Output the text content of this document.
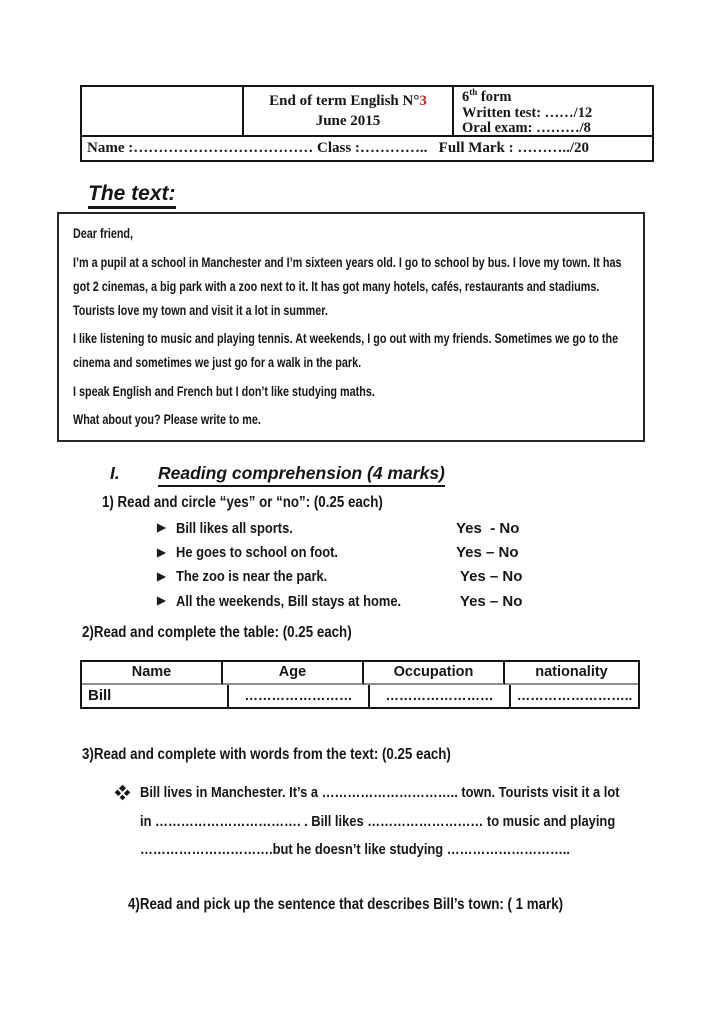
End of term English N°3
June 2015
6th form
Written test: ……/12
Oral exam: ………/8
Name :……………………………… Class :…………..   Full Mark : ………../20
The text:

Dear friend,

I’m a pupil at a school in Manchester and I’m sixteen years old. I go to school by bus. I love my town. It has got 2 cinemas, a big park with a zoo next to it. It has got many hotels, cafés, restaurants and stadiums. Tourists love my town and visit it a lot in summer.

I like listening to music and playing tennis. At weekends, I go out with my friends. Sometimes we go to the cinema and sometimes we just go for a walk in the park.

I speak English and French but I don’t like studying maths.

What about you? Please write to me.

I.	Reading comprehension (4 marks)
1) Read and circle “yes” or “no”: (0.25 each)
Bill likes all sports.	Yes  - No
He goes to school on foot.	Yes – No
The zoo is near the park.	Yes – No
All the weekends, Bill stays at home.	Yes – No
2)Read and complete the table: (0.25 each)
Name	Age	Occupation	nationality
Bill	……………………	……………………	……………………..
3)Read and complete with words from the text: (0.25 each)
Bill lives in Manchester. It’s a ………………………….. town. Tourists visit it a lot
in ……………………………. . Bill likes ……………………… to music and playing
………………………….but he doesn’t like studying ………………………..
4)Read and pick up the sentence that describes Bill’s town: ( 1 mark)
